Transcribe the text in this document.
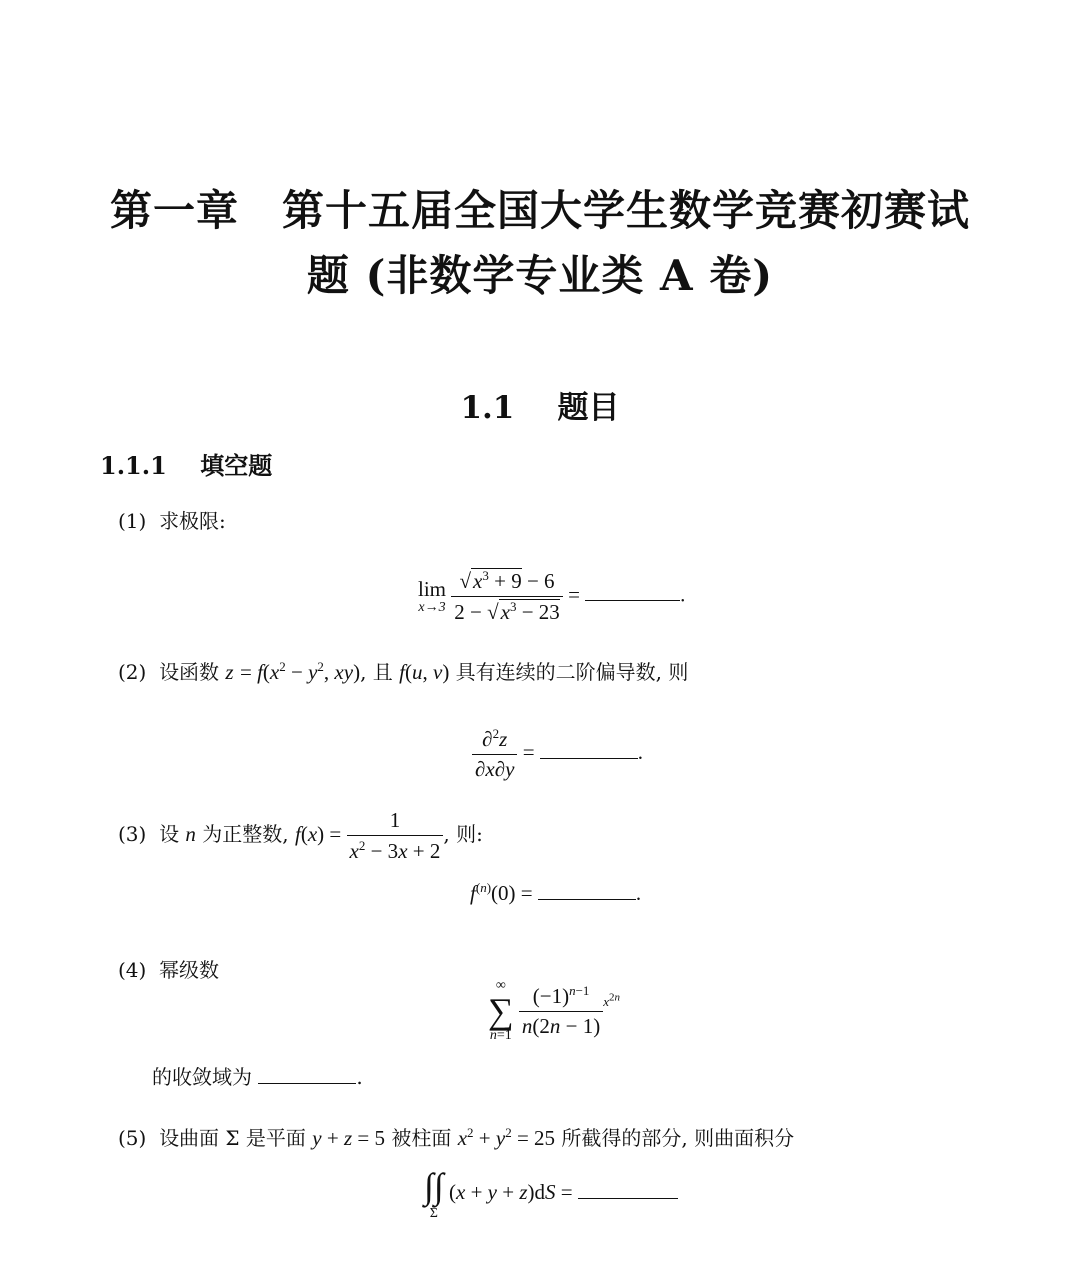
第一章　第十五届全国大学生数学竞赛初赛试
题 (非数学专业类 A 卷)
1.1 题目
1.1.1 填空题
(1) 求极限:
lim
x→3
$\frac{√x^3 + 9 - 6}{2 - √x^3 - 23}$ =	.
(2) 设函数 $z = f(x^2 - y^2$, xy), 且 f(u, v) 具有连续的二阶偏导数, 则
$\frac{\partial^2z}{\partial x\partial y}$ =	.
(3) 设 n 为正整数, $f(x) = \frac{1}{x^2 - 3x + 2}$ , 则:
$f^{(n)}(0)$ =	.
(4) 幂级数
∞
∑
n=1
$\frac{(-1)^{n-1}}{n(2n - 1)} ^{x^{2n}}$
的收敛域为	.
(5) 设曲面 Σ 是平面 y + z = 5 被柱面 $x^2 + y^2 = 25$ 所截得的部分, 则曲面积分
∫∫
Σ
(x + y + z)dS =
